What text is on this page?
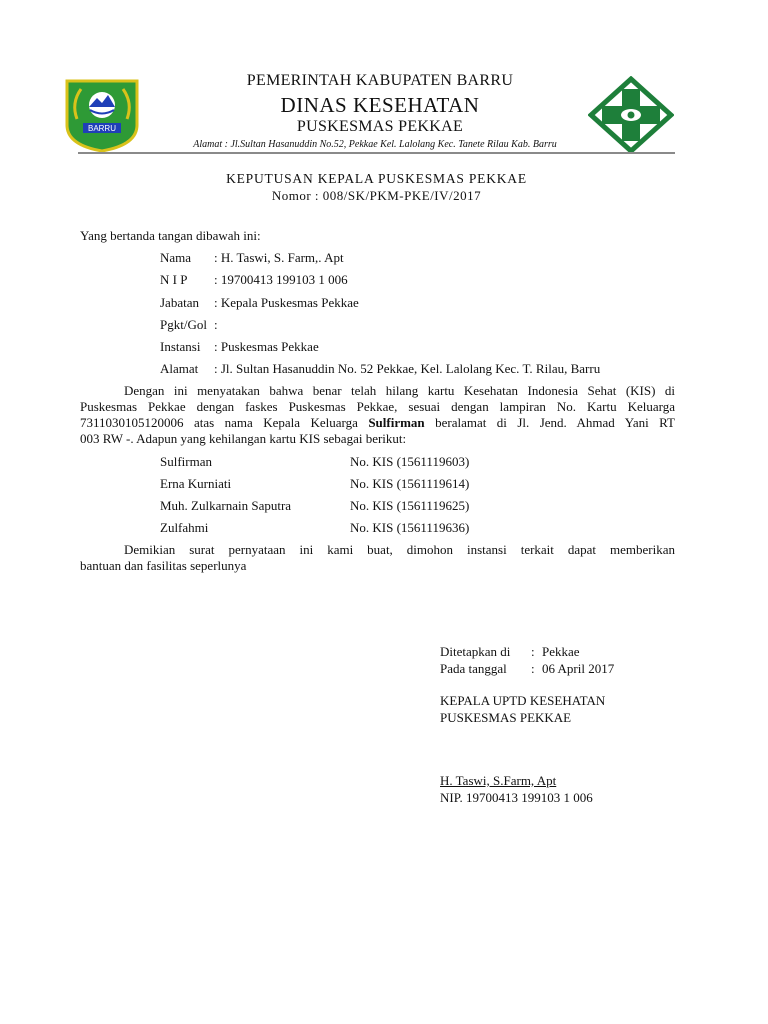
BARRU
PEMERINTAH KABUPATEN BARRU
DINAS KESEHATAN
PUSKESMAS PEKKAE
Alamat : Jl.Sultan Hasanuddin No.52, Pekkae Kel. Lalolang Kec. Tanete Rilau Kab. Barru
KEPUTUSAN KEPALA PUSKESMAS PEKKAE
Nomor : 008/SK/PKM-PKE/IV/2017
Yang bertanda tangan dibawah ini:
Nama	: H. Taswi, S. Farm,. Apt
N I P	: 19700413 199103 1 006
Jabatan	: Kepala Puskesmas Pekkae
Pgkt/Gol :
Instansi	: Puskesmas Pekkae
Alamat	: Jl. Sultan Hasanuddin No. 52 Pekkae, Kel. Lalolang Kec. T. Rilau, Barru
Dengan ini menyatakan bahwa benar telah hilang kartu Kesehatan Indonesia Sehat (KIS) di
Puskesmas Pekkae dengan faskes Puskesmas Pekkae, sesuai dengan lampiran No. Kartu Keluarga
7311030105120006 atas nama Kepala Keluarga Sulfirman beralamat di Jl. Jend. Ahmad Yani RT
003 RW -. Adapun yang kehilangan kartu KIS sebagai berikut:
Sulfirman	No. KIS (1561119603)
Erna Kurniati	No. KIS (1561119614)
Muh. Zulkarnain Saputra	No. KIS (1561119625)
Zulfahmi	No. KIS (1561119636)
Demikian surat pernyataan ini kami buat, dimohon instansi terkait dapat memberikan
bantuan dan fasilitas seperlunya
Ditetapkan di : Pekkae
Pada tanggal : 06 April 2017
KEPALA UPTD KESEHATAN
PUSKESMAS PEKKAE
H. Taswi, S.Farm, Apt
NIP. 19700413 199103 1 006
